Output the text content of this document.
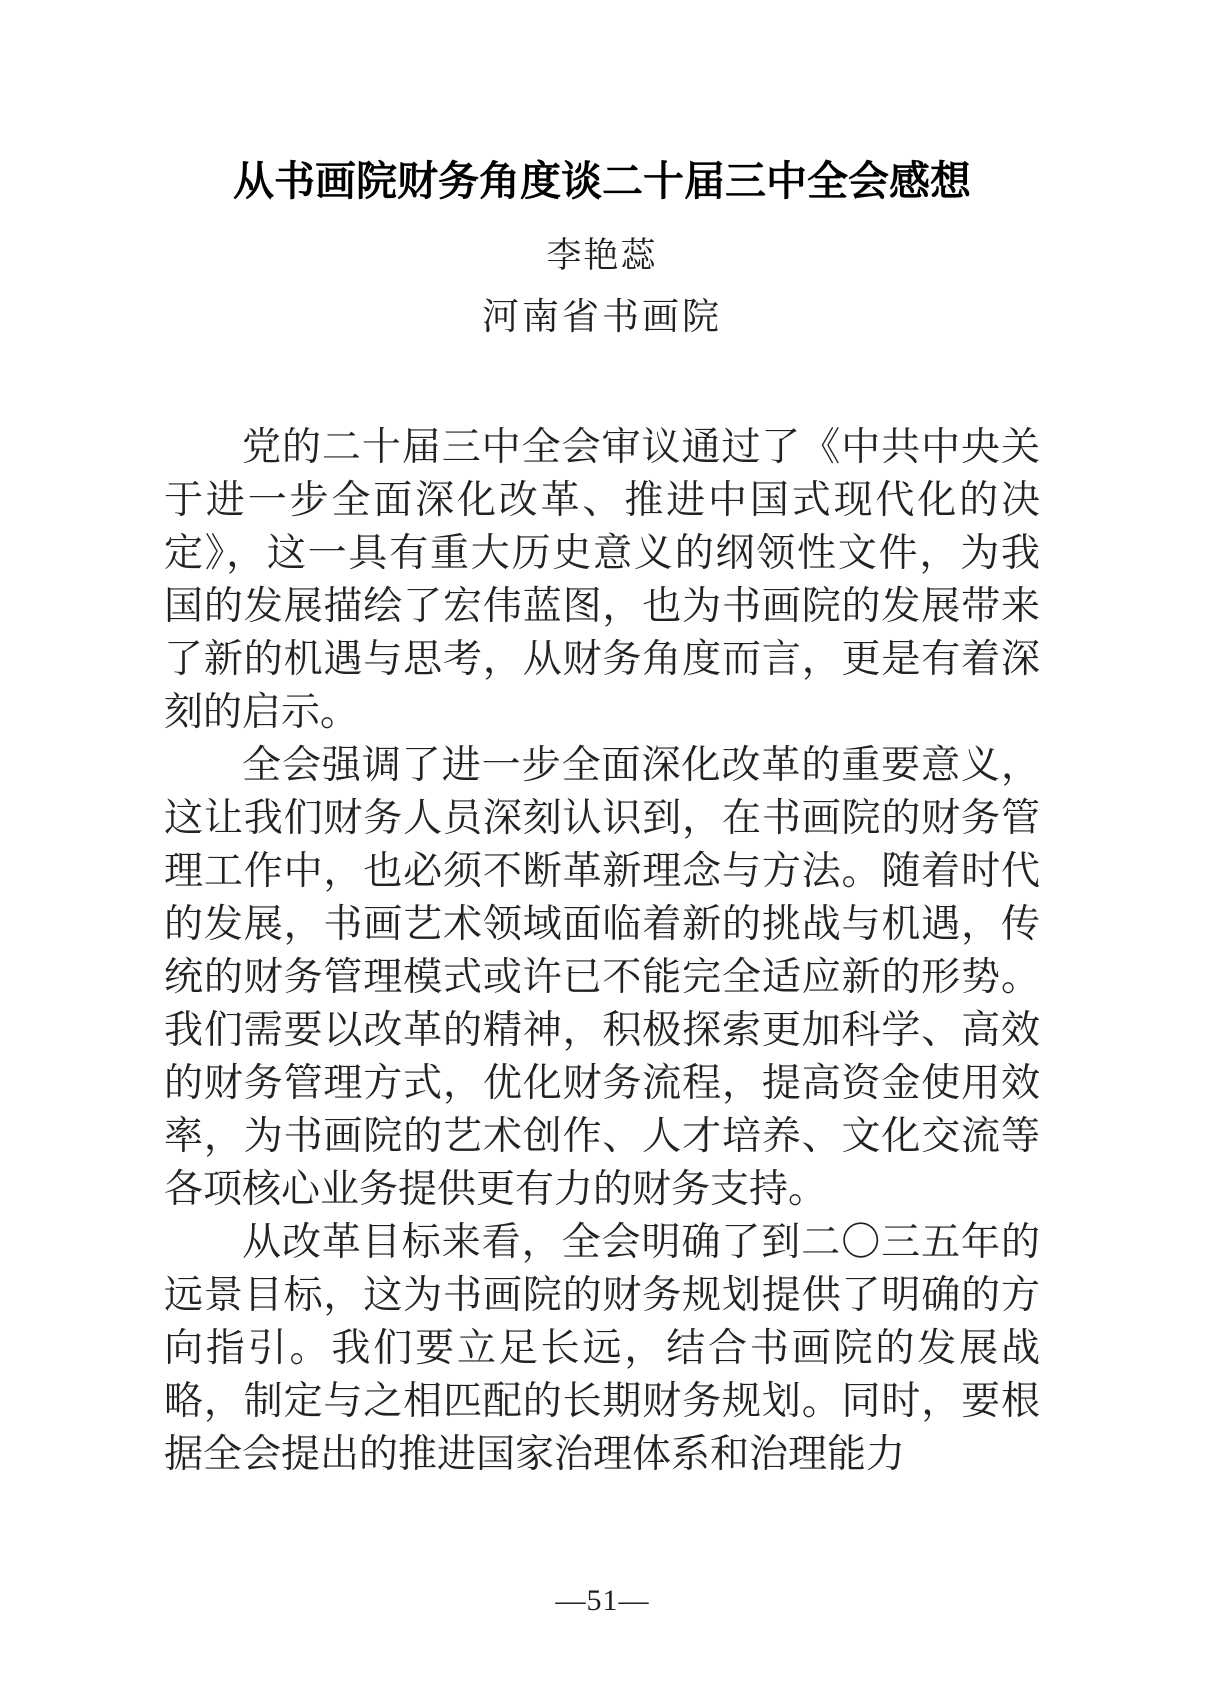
从书画院财务角度谈二十届三中全会感想
李艳蕊
河南省书画院

党的二十届三中全会审议通过了《中共中央关于进一步全面深化改革、推进中国式现代化的决定》，这一具有重大历史意义的纲领性文件，为我国的发展描绘了宏伟蓝图，也为书画院的发展带来了新的机遇与思考，从财务角度而言，更是有着深刻的启示。

全会强调了进一步全面深化改革的重要意义，这让我们财务人员深刻认识到，在书画院的财务管理工作中，也必须不断革新理念与方法。随着时代的发展，书画艺术领域面临着新的挑战与机遇，传统的财务管理模式或许已不能完全适应新的形势。我们需要以改革的精神，积极探索更加科学、高效的财务管理方式，优化财务流程，提高资金使用效率，为书画院的艺术创作、人才培养、文化交流等各项核心业务提供更有力的财务支持。

从改革目标来看，全会明确了到二〇三五年的远景目标，这为书画院的财务规划提供了明确的方向指引。我们要立足长远，结合书画院的发展战略，制定与之相匹配的长期财务规划。同时，要根据全会提出的推进国家治理体系和治理能力

—51—
